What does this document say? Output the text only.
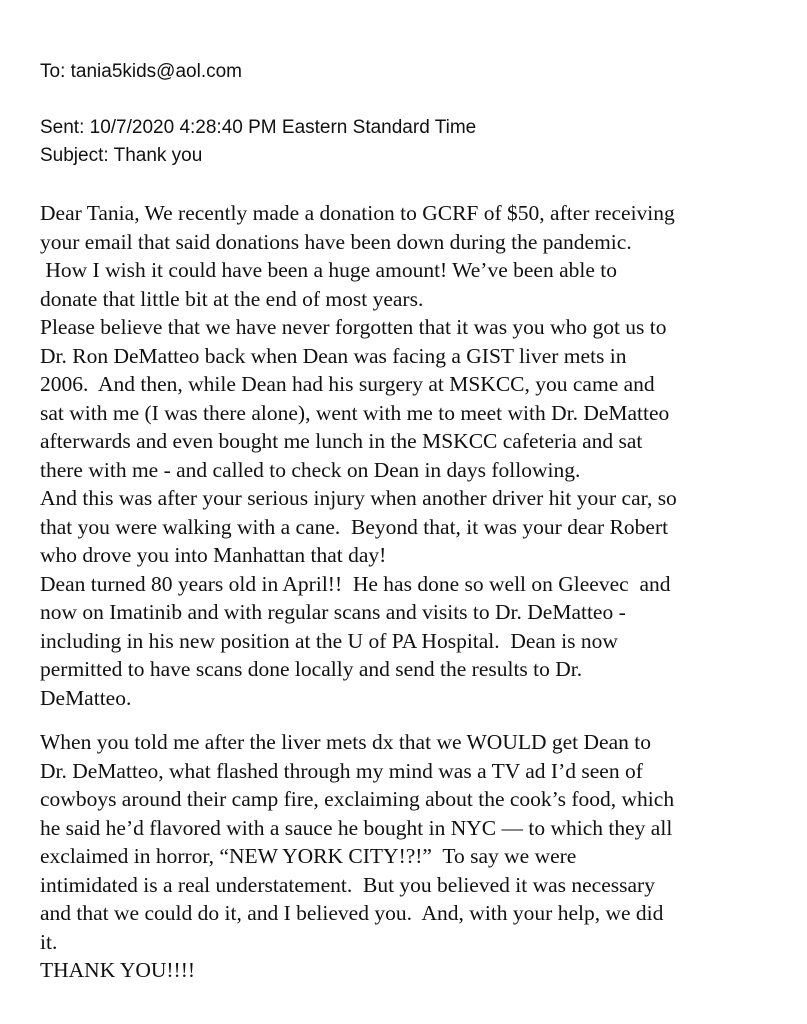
To: tania5kids@aol.com
Sent: 10/7/2020 4:28:40 PM Eastern Standard Time
Subject: Thank you
Dear Tania, We recently made a donation to GCRF of $50, after receiving
your email that said donations have been down during the pandemic.
How I wish it could have been a huge amount! We’ve been able to
donate that little bit at the end of most years.
Please believe that we have never forgotten that it was you who got us to
Dr. Ron DeMatteo back when Dean was facing a GIST liver mets in
2006.  And then, while Dean had his surgery at MSKCC, you came and
sat with me (I was there alone), went with me to meet with Dr. DeMatteo
afterwards and even bought me lunch in the MSKCC cafeteria and sat
there with me - and called to check on Dean in days following.
And this was after your serious injury when another driver hit your car, so
that you were walking with a cane.  Beyond that, it was your dear Robert
who drove you into Manhattan that day!
Dean turned 80 years old in April!!  He has done so well on Gleevec  and
now on Imatinib and with regular scans and visits to Dr. DeMatteo -
including in his new position at the U of PA Hospital.  Dean is now
permitted to have scans done locally and send the results to Dr.
DeMatteo.
When you told me after the liver mets dx that we WOULD get Dean to
Dr. DeMatteo, what flashed through my mind was a TV ad I’d seen of
cowboys around their camp fire, exclaiming about the cook’s food, which
he said he’d flavored with a sauce he bought in NYC — to which they all
exclaimed in horror, “NEW YORK CITY!?!”  To say we were
intimidated is a real understatement.  But you believed it was necessary
and that we could do it, and I believed you.  And, with your help, we did
it.
THANK YOU!!!!
